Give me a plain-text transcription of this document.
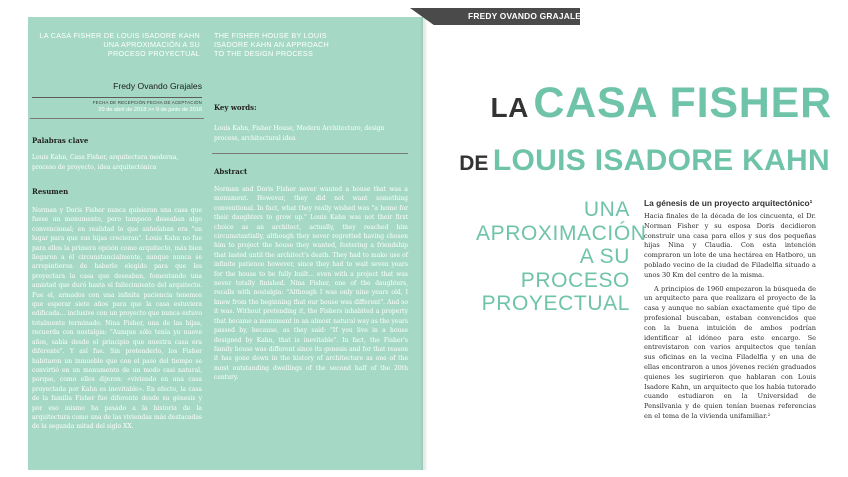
LA CASA FISHER DE LOUIS ISADORE KAHN

UNA APROXIMACIÓN A SU

PROCESO PROYECTUAL

THE FISHER HOUSE BY LOUIS

ISADORE KAHN AN APPROACH

TO THE DESIGN PROCESS

Fredy Ovando Grajales
FECHA DE RECEPCIÓN FECHA DE ACEPTACIÓN
20 de abril de 2018 >> 9 de junio de 2018
Palabras clave
Louis Kahn, Casa Fisher, arquitectura moderna, proceso de proyecto, idea arquitectónica
Resumen
Norman y Doris Fisher nunca quisieron una casa que fuese un monumento, pero tampoco deseaban algo convencional; en realidad lo que anhelaban era "un lugar para que sus hijas crecieran". Louis Kahn no fue para ellos la primera opción como arquitecto, más bien llegaron a él circunstancialmente, aunque nunca se arrepintieron de haberlo elegido para que les proyectara la casa que deseaban, fomentando una amistad que duró hasta el fallecimiento del arquitecto. Fue el, armados con una infinita paciencia tenemos que esperar siete años para que la casa estuviera edificada... inclusive con un proyecto que nunca estuvo totalmente terminado. Nina Fisher, una de las hijas, recuerda con nostalgia: "Aunque sólo tenía yo nueve años, sabía desde el principio que nuestra casa era diferente". Y así fue. Sin pretenderlo, los Fisher habitaron un inmueble que con el paso del tiempo se convirtió en un monumento de un modo casi natural, porque, como ellos dijeron: «viviendo en una casa proyectada por Kahn es inevitable». En efecto, la casa de la familia Fisher fue diferente desde su génesis y por eso mismo ha pasado a la historia de la arquitectura como una de las viviendas más destacadas de la segunda mitad del siglo XX.
Key words:
Louis Kahn, Fisher House, Modern Architecture, design process, architectural idea
Abstract
Norman and Doris Fisher never wanted a house that was a monument. However, they did not want something conventional. In fact, what they really wished was "a home for their daughters to grow up." Louis Kahn was not their first choice as an architect, actually, they reached him circumstantially, although they never regretted having chosen him to project the house they wanted, fostering a friendship that lasted until the architect's death. They had to make use of infinite patience however, since they had to wait seven years for the house to be fully built... even with a project that was never totally finished. Nina Fisher, one of the daughters, recalls with nostalgia: "Although I was only nine years old, I knew from the beginning that our house was different". And so it was. Without pretending it, the Fishers inhabited a property that became a monument in an almost natural way as the years passed by, because, as they said: "If you live in a house designed by Kahn, that is inevitable". In fact, the Fisher's family house was different since its genesis and for that reason it has gone down in the history of architecture as one of the most outstanding dwellings of the second half of the 20th century.
FREDY OVANDO GRAJALES
LA CASA FISHER
DE LOUIS ISADORE KAHN
UNA
APROXIMACIÓN
A SU PROCESO
PROYECTUAL
La génesis de un proyecto arquitectónico¹

Hacia finales de la década de los cincuenta, el Dr. Norman Fisher y su esposa Doris decidieron construir una casa para ellos y sus dos pequeñas hijas Nina y Claudia. Con esta intención compraron un lote de una hectárea en Hatboro, un poblado vecino de la ciudad de Filadelfia situado a unos 30 Km del centro de la misma.

A principios de 1960 empezaron la búsqueda de un arquitecto para que realizara el proyecto de la casa y aunque no sabían exactamente qué tipo de profesional buscaban, estaban convencidos que con la buena intuición de ambos podrían identificar al idóneo para este encargo. Se entrevistaron con varios arquitectos que tenían sus oficinas en la vecina Filadelfia y en una de ellas encontraron a unos jóvenes recién graduados quienes les sugirieron que hablaran con Louis Isadore Kahn, un arquitecto que los había tutorado cuando estudiaron en la Universidad de Pensilvania y de quien tenían buenas referencias en el tema de la vivienda unifamiliar.²
